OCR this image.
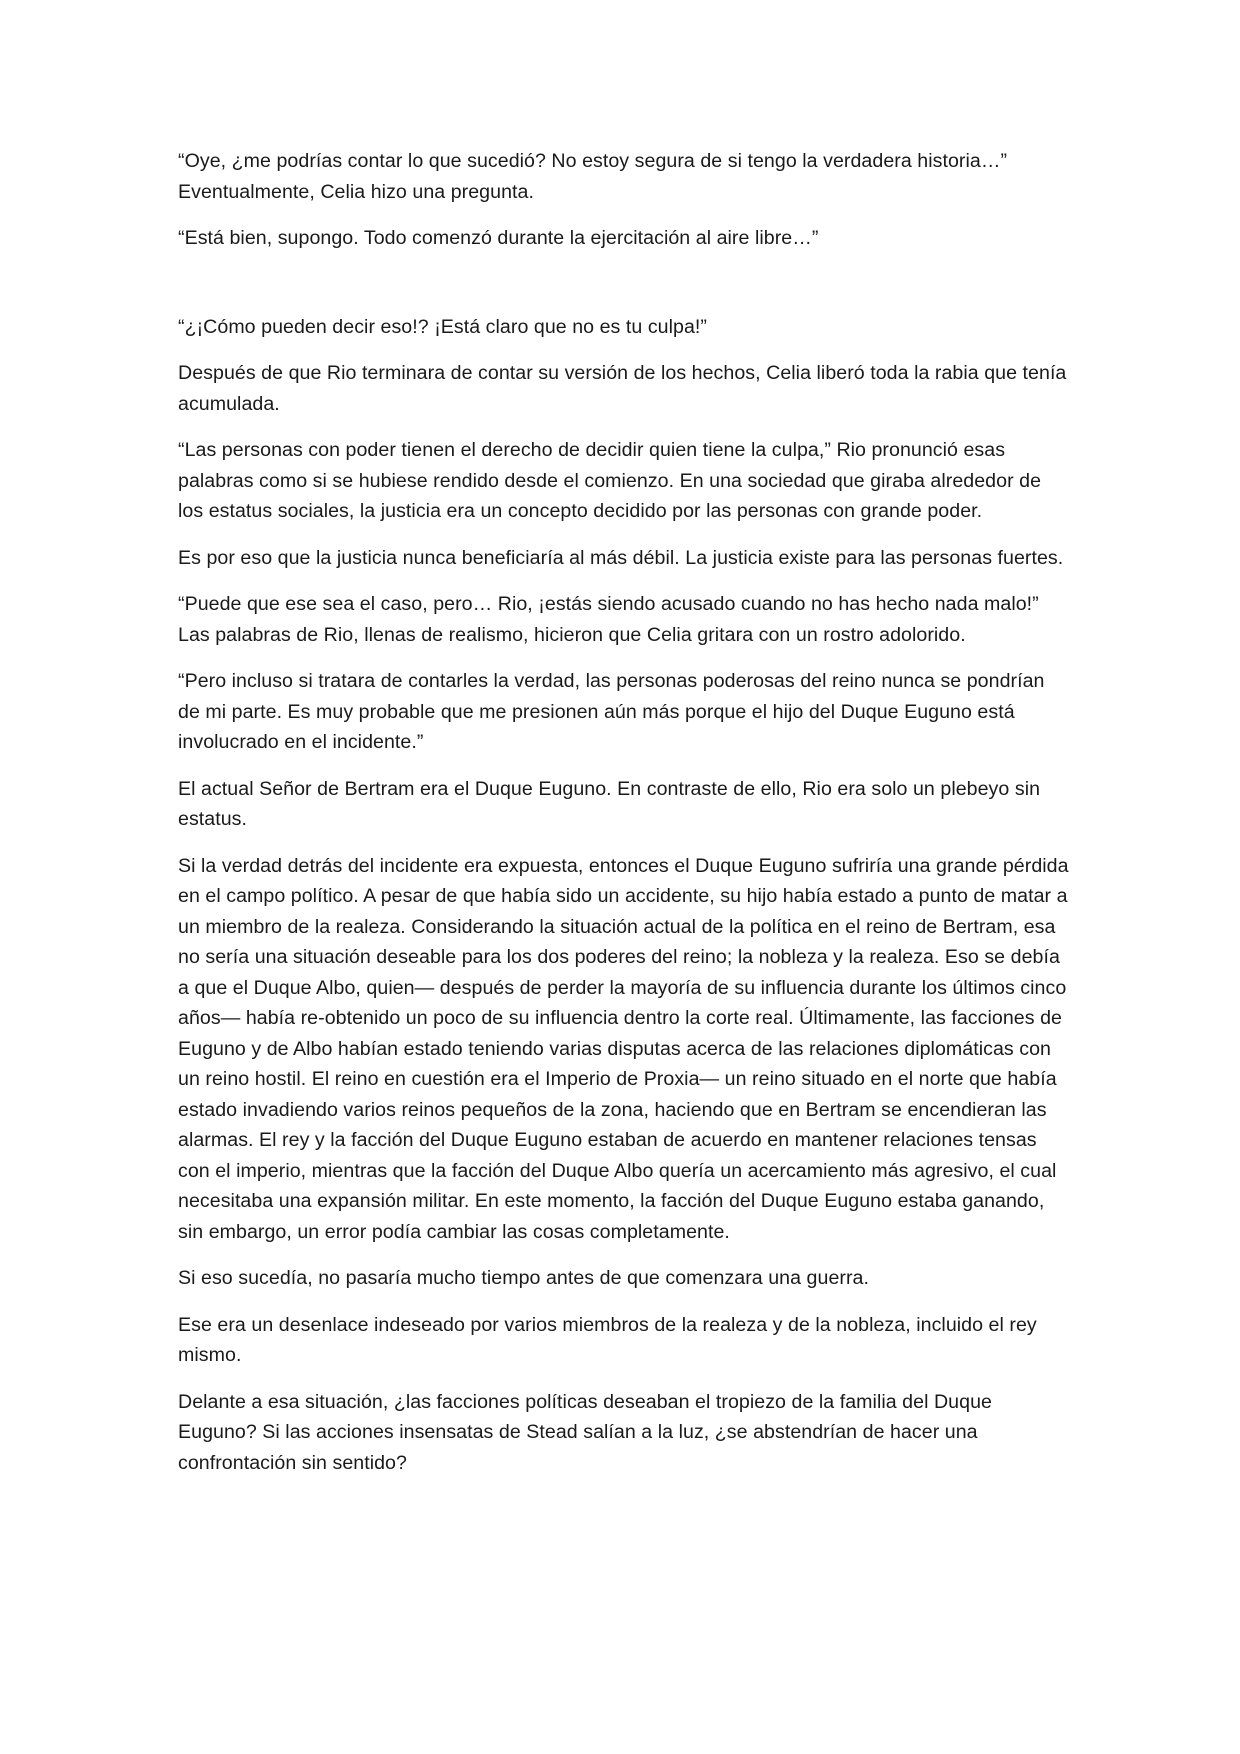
“Oye, ¿me podrías contar lo que sucedió? No estoy segura de si tengo la verdadera historia…” Eventualmente, Celia hizo una pregunta.

“Está bien, supongo. Todo comenzó durante la ejercitación al aire libre…”

“¿¡Cómo pueden decir eso!? ¡Está claro que no es tu culpa!”

Después de que Rio terminara de contar su versión de los hechos, Celia liberó toda la rabia que tenía acumulada.

“Las personas con poder tienen el derecho de decidir quien tiene la culpa,” Rio pronunció esas palabras como si se hubiese rendido desde el comienzo. En una sociedad que giraba alrededor de los estatus sociales, la justicia era un concepto decidido por las personas con grande poder.

Es por eso que la justicia nunca beneficiaría al más débil. La justicia existe para las personas fuertes.

“Puede que ese sea el caso, pero… Rio, ¡estás siendo acusado cuando no has hecho nada malo!” Las palabras de Rio, llenas de realismo, hicieron que Celia gritara con un rostro adolorido.

“Pero incluso si tratara de contarles la verdad, las personas poderosas del reino nunca se pondrían de mi parte. Es muy probable que me presionen aún más porque el hijo del Duque Euguno está involucrado en el incidente.”

El actual Señor de Bertram era el Duque Euguno. En contraste de ello, Rio era solo un plebeyo sin estatus.

Si la verdad detrás del incidente era expuesta, entonces el Duque Euguno sufriría una grande pérdida en el campo político. A pesar de que había sido un accidente, su hijo había estado a punto de matar a un miembro de la realeza. Considerando la situación actual de la política en el reino de Bertram, esa no sería una situación deseable para los dos poderes del reino; la nobleza y la realeza. Eso se debía a que el Duque Albo, quien— después de perder la mayoría de su influencia durante los últimos cinco años— había re-obtenido un poco de su influencia dentro la corte real. Últimamente, las facciones de Euguno y de Albo habían estado teniendo varias disputas acerca de las relaciones diplomáticas con un reino hostil. El reino en cuestión era el Imperio de Proxia— un reino situado en el norte que había estado invadiendo varios reinos pequeños de la zona, haciendo que en Bertram se encendieran las alarmas. El rey y la facción del Duque Euguno estaban de acuerdo en mantener relaciones tensas con el imperio, mientras que la facción del Duque Albo quería un acercamiento más agresivo, el cual necesitaba una expansión militar. En este momento, la facción del Duque Euguno estaba ganando, sin embargo, un error podía cambiar las cosas completamente.

Si eso sucedía, no pasaría mucho tiempo antes de que comenzara una guerra.

Ese era un desenlace indeseado por varios miembros de la realeza y de la nobleza, incluido el rey mismo.

Delante a esa situación, ¿las facciones políticas deseaban el tropiezo de la familia del Duque Euguno? Si las acciones insensatas de Stead salían a la luz, ¿se abstendrían de hacer una confrontación sin sentido?
